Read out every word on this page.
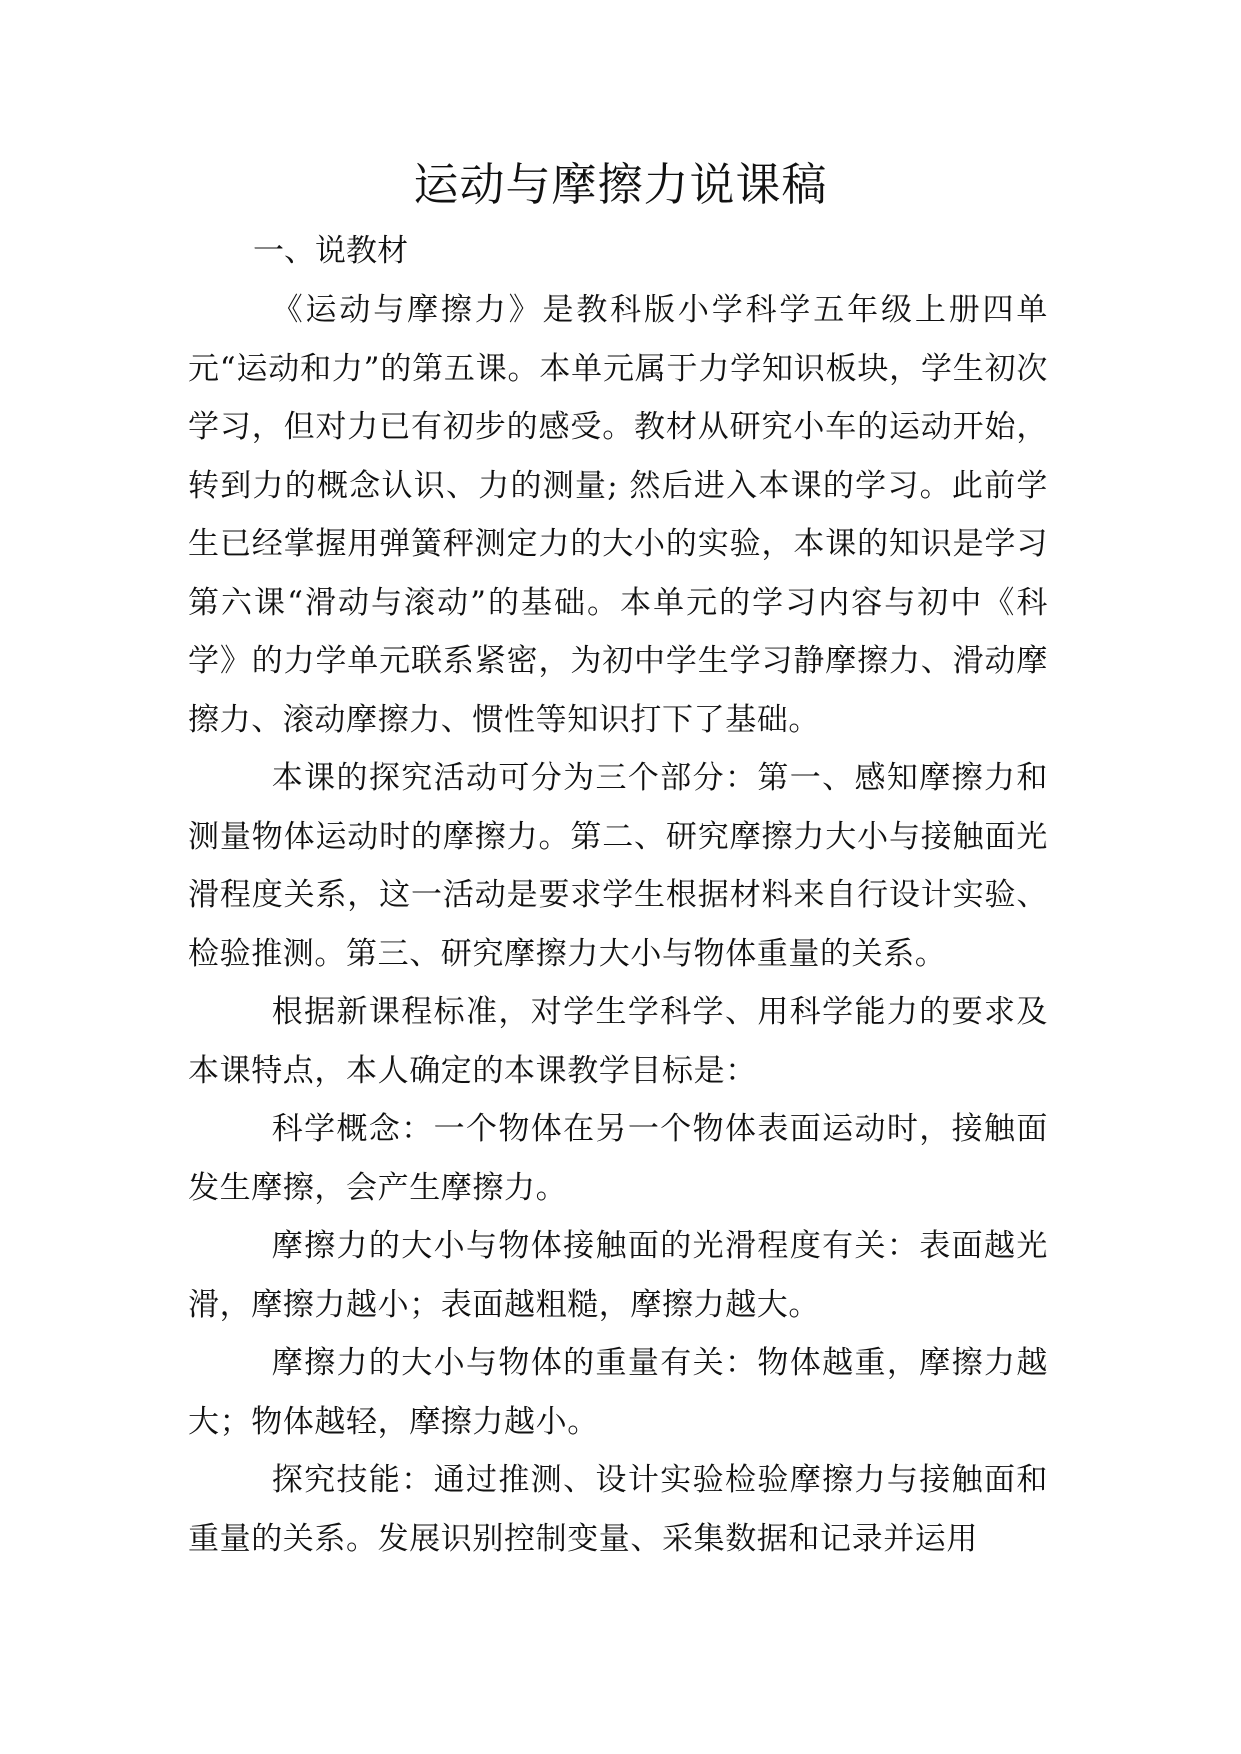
运动与摩擦力说课稿
一、说教材

《运动与摩擦力》是教科版小学科学五年级上册四单元“运动和力”的第五课。本单元属于力学知识板块，学生初次学习，但对力已有初步的感受。教材从研究小车的运动开始，转到力的概念认识、力的测量; 然后进入本课的学习。此前学生已经掌握用弹簧秤测定力的大小的实验，本课的知识是学习第六课“滑动与滚动”的基础。本单元的学习内容与初中《科学》的力学单元联系紧密，为初中学生学习静摩擦力、滑动摩擦力、滚动摩擦力、惯性等知识打下了基础。

本课的探究活动可分为三个部分：第一、感知摩擦力和测量物体运动时的摩擦力。第二、研究摩擦力大小与接触面光滑程度关系，这一活动是要求学生根据材料来自行设计实验、检验推测。第三、研究摩擦力大小与物体重量的关系。

根据新课程标准，对学生学科学、用科学能力的要求及本课特点，本人确定的本课教学目标是：

科学概念：一个物体在另一个物体表面运动时，接触面发生摩擦，会产生摩擦力。

摩擦力的大小与物体接触面的光滑程度有关：表面越光滑，摩擦力越小；表面越粗糙，摩擦力越大。

摩擦力的大小与物体的重量有关：物体越重，摩擦力越大；物体越轻，摩擦力越小。

探究技能：通过推测、设计实验检验摩擦力与接触面和重量的关系。发展识别控制变量、采集数据和记录并运用
